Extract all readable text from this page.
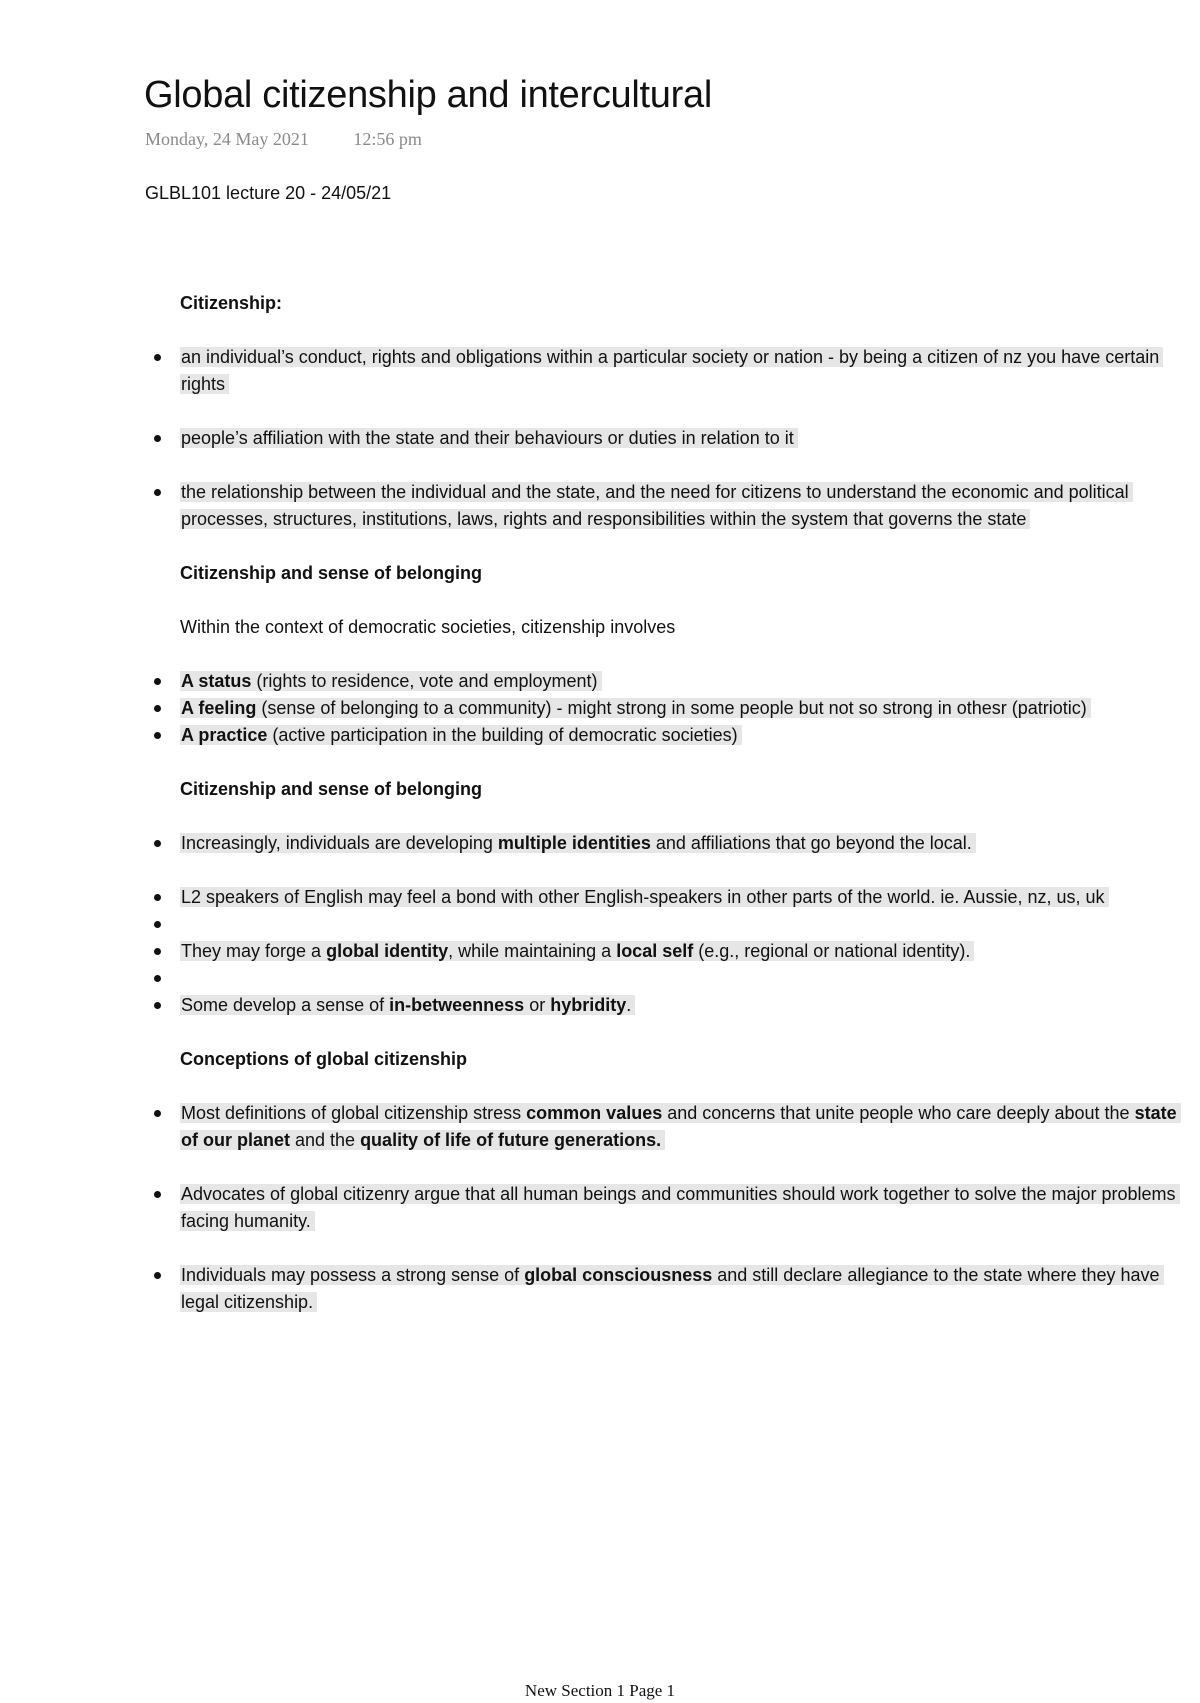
Global citizenship and intercultural
Monday, 24 May 2021 12:56 pm
GLBL101 lecture 20 - 24/05/21

Citizenship:

an individual’s conduct, rights and obligations within a particular society or nation - by being a citizen of nz you have certain rights
people’s affiliation with the state and their behaviours or duties in relation to it
the relationship between the individual and the state, and the need for citizens to understand the economic and political processes, structures, institutions, laws, rights and responsibilities within the system that governs the state

Citizenship and sense of belonging

Within the context of democratic societies, citizenship involves

A status (rights to residence, vote and employment)
A feeling (sense of belonging to a community) - might strong in some people but not so strong in othesr (patriotic)
A practice (active participation in the building of democratic societies)

Citizenship and sense of belonging

Increasingly, individuals are developing multiple identities and affiliations that go beyond the local.
L2 speakers of English may feel a bond with other English-speakers in other parts of the world. ie. Aussie, nz, us, uk
They may forge a global identity, while maintaining a local self (e.g., regional or national identity).
Some develop a sense of in-betweenness or hybridity.

Conceptions of global citizenship

Most definitions of global citizenship stress common values and concerns that unite people who care deeply about the state of our planet and the quality of life of future generations.
Advocates of global citizenry argue that all human beings and communities should work together to solve the major problems facing humanity.
Individuals may possess a strong sense of global consciousness and still declare allegiance to the state where they have legal citizenship.
New Section 1 Page 1
